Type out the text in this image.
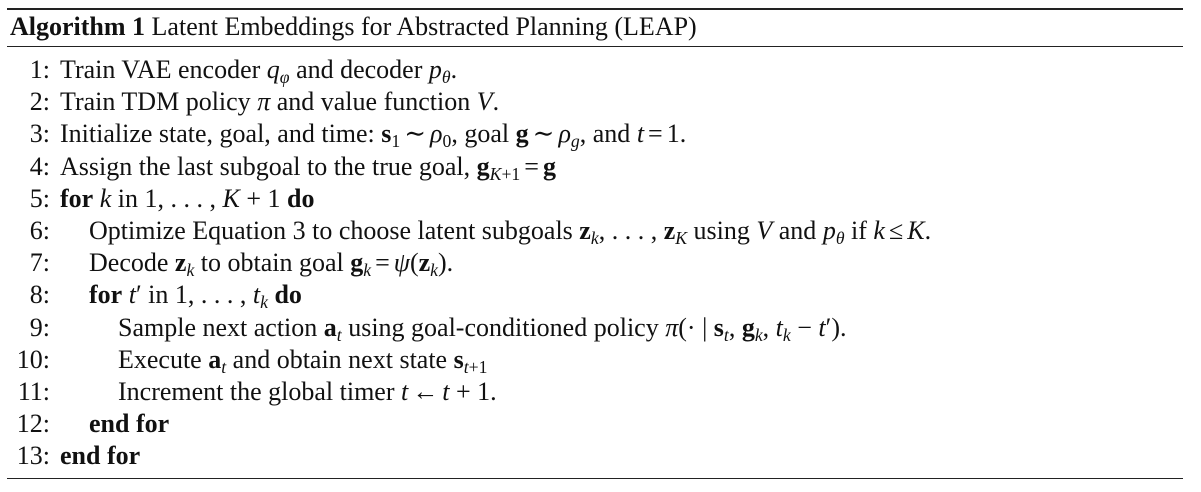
Algorithm 1 Latent Embeddings for Abstracted Planning (LEAP)
1: Train VAE encoder $q_\varphi$ and decoder $p_\theta$.
2: Train TDM policy π and value function V.
3: Initialize state, goal, and time: $s_1$ ∼ $\rho_0$, goal g ∼ $\rho_g$, and t = 1.
4: Assign the last subgoal to the true goal, $g_{K+1} = g$
5: for k in 1, . . . , K + 1 do
6: Optimize Equation 3 to choose latent subgoals $z_k$, . . . , $z_K$ using V and $p_\theta$ if k ≤ K.
7: Decode $z_k$ to obtain goal $g_k = \psi(z_k)$.
8: for t′ in 1, . . . , $t_k$ do
9:	Sample next action $a_t$ using goal-conditioned policy π(· | $s_t$, $g_k$, $t_k - t'$).
10:	Execute $a_t$ and obtain next state $s_{t+1}$
11:	Increment the global timer t ← t + 1.
12: end for
13: end for
